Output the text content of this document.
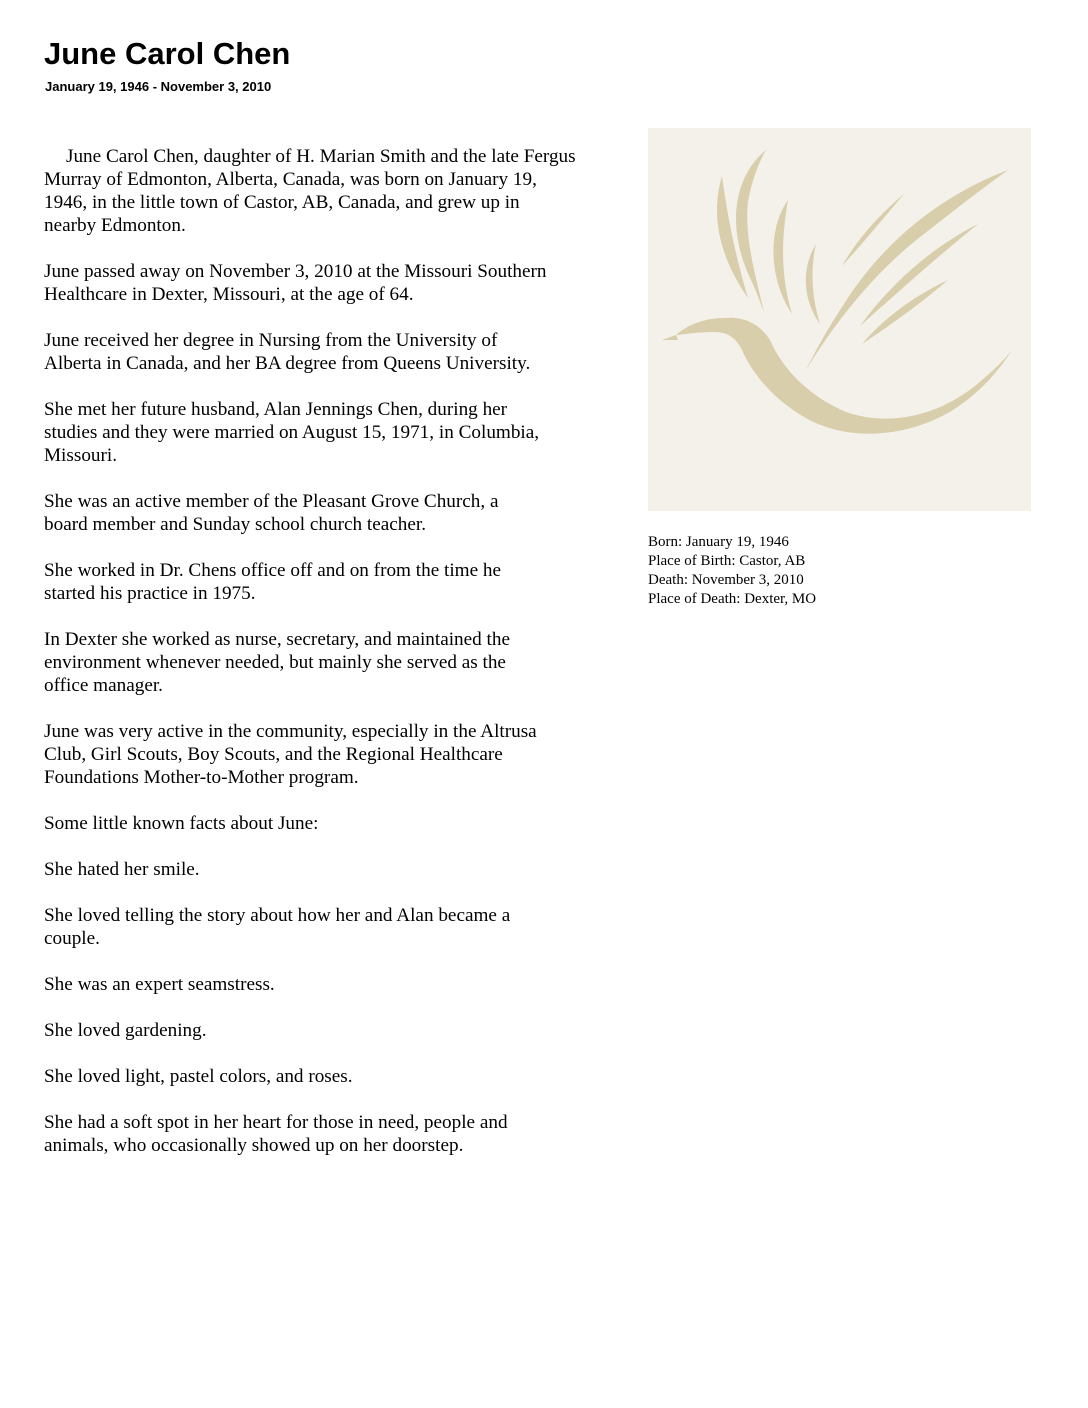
June Carol Chen
January 19, 1946 - November 3, 2010

June Carol Chen, daughter of H. Marian Smith and the late Fergus
Murray of Edmonton, Alberta, Canada, was born on January 19,
1946, in the little town of Castor, AB, Canada, and grew up in
nearby Edmonton.

June passed away on November 3, 2010 at the Missouri Southern
Healthcare in Dexter, Missouri, at the age of 64.

June received her degree in Nursing from the University of
Alberta in Canada, and her BA degree from Queens University.

She met her future husband, Alan Jennings Chen, during her
studies and they were married on August 15, 1971, in Columbia,
Missouri.

She was an active member of the Pleasant Grove Church, a
board member and Sunday school church teacher.

She worked in Dr. Chens office off and on from the time he
started his practice in 1975.

In Dexter she worked as nurse, secretary, and maintained the
environment whenever needed, but mainly she served as the
office manager.

June was very active in the community, especially in the Altrusa
Club, Girl Scouts, Boy Scouts, and the Regional Healthcare
Foundations Mother-to-Mother program.

Some little known facts about June:

She hated her smile.

She loved telling the story about how her and Alan became a
couple.

She was an expert seamstress.

She loved gardening.

She loved light, pastel colors, and roses.

She had a soft spot in her heart for those in need, people and
animals, who occasionally showed up on her doorstep.

Born: January 19, 1946
Place of Birth: Castor, AB
Death: November 3, 2010
Place of Death: Dexter, MO
